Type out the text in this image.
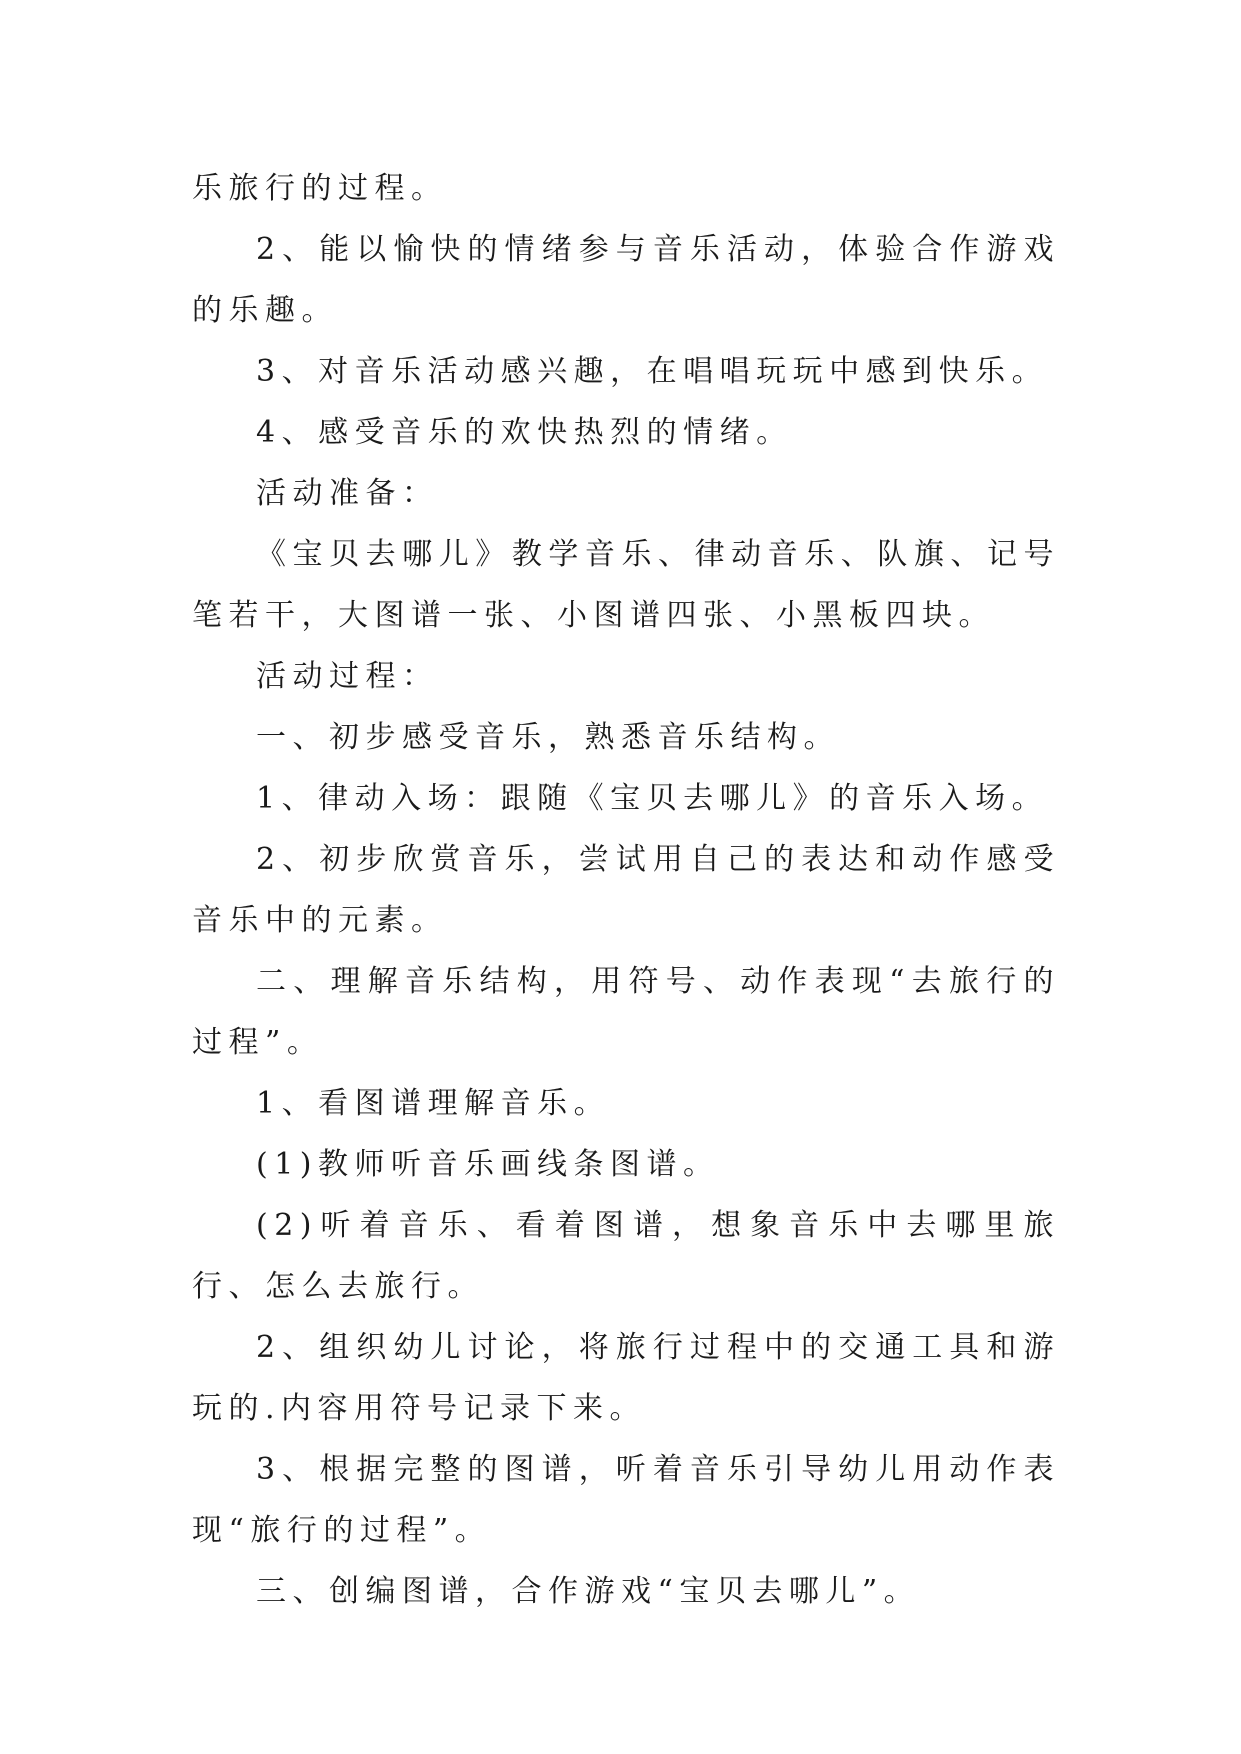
乐旅行的过程。

2、能以愉快的情绪参与音乐活动，体验合作游戏的乐趣。

3、对音乐活动感兴趣，在唱唱玩玩中感到快乐。

4、感受音乐的欢快热烈的情绪。

活动准备：

《宝贝去哪儿》教学音乐、律动音乐、队旗、记号笔若干，大图谱一张、小图谱四张、小黑板四块。

活动过程：

一、初步感受音乐，熟悉音乐结构。

1、律动入场：跟随《宝贝去哪儿》的音乐入场。

2、初步欣赏音乐，尝试用自己的表达和动作感受音乐中的元素。

二、理解音乐结构，用符号、动作表现“去旅行的过程”。

1、看图谱理解音乐。

(1)教师听音乐画线条图谱。

(2)听着音乐、看着图谱，想象音乐中去哪里旅行、怎么去旅行。

2、组织幼儿讨论，将旅行过程中的交通工具和游玩的.内容用符号记录下来。

3、根据完整的图谱，听着音乐引导幼儿用动作表现“旅行的过程”。

三、创编图谱，合作游戏“宝贝去哪儿”。
